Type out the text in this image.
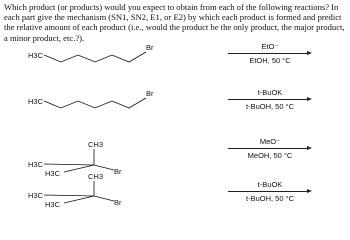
Which product (or products) would you expect to obtain from each of the following reactions? In each part give the mechanism (SN1, SN2, E1, or E2) by which each product is formed and predict the relative amount of each product (i.e., would the product be the only product, the major product, a minor product, etc.?).

H3C
Br	EtO⁻
EtOH, 50 °C
H3C
Br	t-BuOK
t-BuOH, 50 °C
CH3
H3C
H3C	Br
MeO⁻
MeOH, 50 °C
CH3
H3C
H3C	Br
t-BuOK
t-BuOH, 50 °C
